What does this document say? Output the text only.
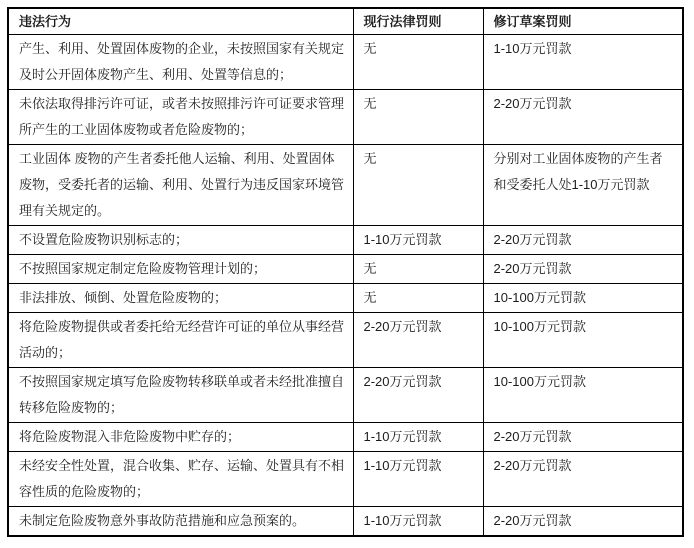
违法行为	现行法律罚则	修订草案罚则
产生、利用、处置固体废物的企业，未按照国家有关规定及时公开固体废物产生、利用、处置等信息的；	无	1-10万元罚款
未依法取得排污许可证，或者未按照排污许可证要求管理所产生的工业固体废物或者危险废物的；	无	2-20万元罚款
工业固体 废物的产生者委托他人运输、利用、处置固体废物，受委托者的运输、利用、处置行为违反国家环境管理有关规定的。	无	分别对工业固体废物的产生者和受委托人处1-10万元罚款
不设置危险废物识别标志的；	1-10万元罚款	2-20万元罚款
不按照国家规定制定危险废物管理计划的；	无	2-20万元罚款
非法排放、倾倒、处置危险废物的；	无	10-100万元罚款
将危险废物提供或者委托给无经营许可证的单位从事经营活动的；	2-20万元罚款	10-100万元罚款
不按照国家规定填写危险废物转移联单或者未经批准擅自转移危险废物的；	2-20万元罚款	10-100万元罚款
将危险废物混入非危险废物中贮存的；	1-10万元罚款	2-20万元罚款
未经安全性处置，混合收集、贮存、运输、处置具有不相容性质的危险废物的；	1-10万元罚款	2-20万元罚款
未制定危险废物意外事故防范措施和应急预案的。	1-10万元罚款	2-20万元罚款
